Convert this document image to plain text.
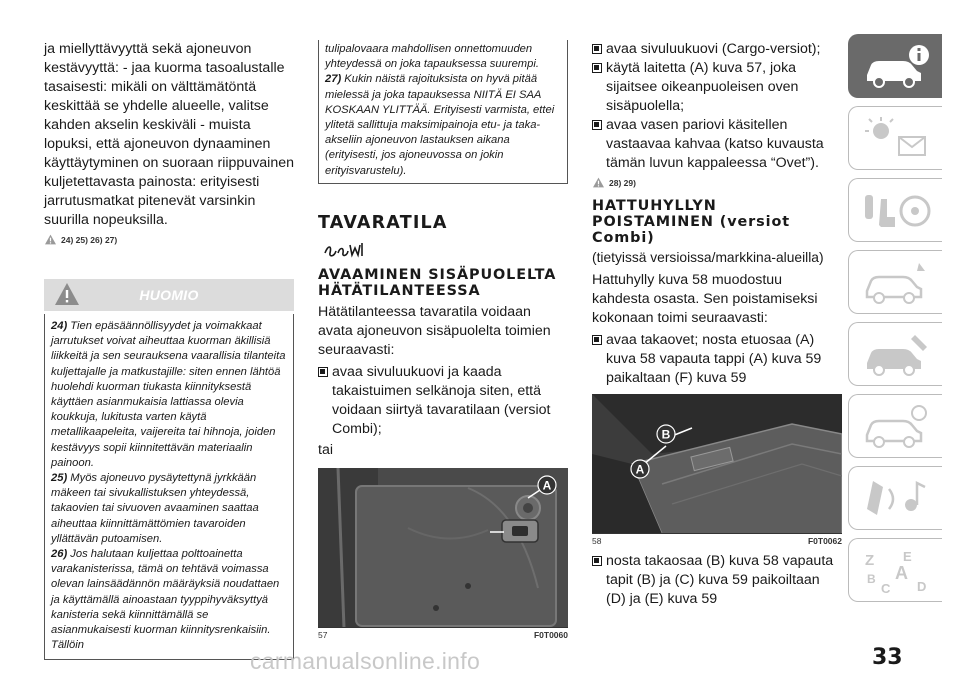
ja miellyttävyyttä sekä ajoneuvon kestävyyttä: - jaa kuorma tasoalustalle tasaisesti: mikäli on välttämätöntä keskittää se yhdelle alueelle, valitse kahden akselin keskiväli - muista lopuksi, että ajoneuvon dynaaminen käyttäytyminen on suoraan riippuvainen kuljetettavasta painosta: erityisesti jarrutusmatkat pitenevät varsinkin suurilla nopeuksilla.

24) 25) 26) 27)
HUOMIO

24) Tien epäsäännöllisyydet ja voimakkaat jarrutukset voivat aiheuttaa kuorman äkillisiä liikkeitä ja sen seurauksena vaarallisia tilanteita kuljettajalle ja matkustajille: siten ennen lähtöä huolehdi kuorman tiukasta kiinnityksestä käyttäen asianmukaisia lattiassa olevia koukkuja, lukitusta varten käytä metallikaapeleita, vaijereita tai hihnoja, joiden kestävyys sopii kiinnitettävän materiaalin painoon.

25) Myös ajoneuvo pysäytettynä jyrkkään mäkeen tai sivukallistuksen yhteydessä, takaovien tai sivuoven avaaminen saattaa aiheuttaa kiinnittämättömien tavaroiden yllättävän putoamisen.

26) Jos halutaan kuljettaa polttoainetta varakanisterissa, tämä on tehtävä voimassa olevan lainsäädännön määräyksiä noudattaen ja käyttämällä ainoastaan tyyppihyväksyttyä kanisteria sekä kiinnittämällä se asianmukaisesti kuorman kiinnitysrenkaisiin. Tällöin

tulipalovaara mahdollisen onnettomuuden yhteydessä on joka tapauksessa suurempi.

27) Kukin näistä rajoituksista on hyvä pitää mielessä ja joka tapauksessa NIITÄ EI SAA KOSKAAN YLITTÄÄ. Erityisesti varmista, ettei ylitetä sallittuja maksimipainoja etu- ja taka-akseliin ajoneuvon lastauksen aikana (erityisesti, jos ajoneuvossa on jokin erityisvarustelu).

TAVARATILA
AVAAMINEN SISÄPUOLELTA HÄTÄTILANTEESSA

Hätätilanteessa tavaratila voidaan avata ajoneuvon sisäpuolelta toimien seuraavasti:

avaa sivuluukuovi ja kaada takaistuimen selkänoja siten, että voidaan siirtyä tavaratilaan (versiot Combi);

tai

A
57	F0T0060

avaa sivuluukuovi (Cargo-versiot);

käytä laitetta (A) kuva 57, joka sijaitsee oikeanpuoleisen oven sisäpuolella;

avaa vasen pariovi käsitellen vastaavaa kahvaa (katso kuvausta tämän luvun kappaleessa “Ovet”).

28) 29)
HATTUHYLLYN POISTAMINEN (versiot Combi)

(tietyissä versioissa/markkina-alueilla)

Hattuhylly kuva 58 muodostuu kahdesta osasta. Sen poistamiseksi kokonaan toimi seuraavasti:

avaa takaovet; nosta etuosaa (A) kuva 58 vapauta tappi (A) kuva 59 paikaltaan (F) kuva 59

A
B
58	F0T0062

nosta takaosaa (B) kuva 58 vapauta tapit (B) ja (C) kuva 59 paikoiltaan (D) ja (E) kuva 59

Z E
B A
C D
33
carmanualsonline.info
